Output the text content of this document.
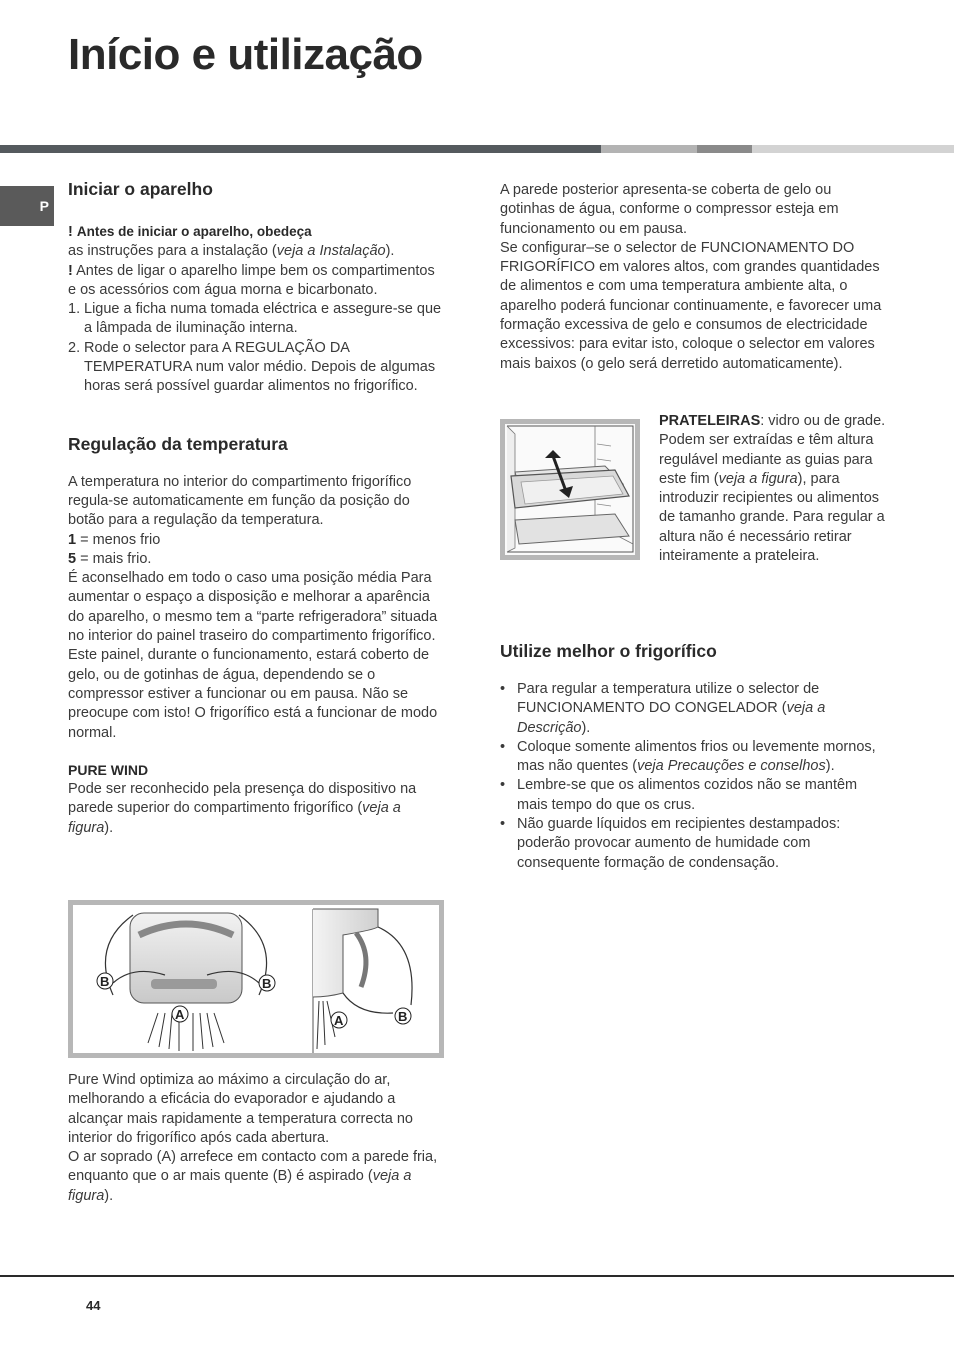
Início e utilização
P
Iniciar o aparelho

! Antes de iniciar o aparelho, obedeça

as instruções para a instalação (veja a Instalação).

! Antes de ligar o aparelho limpe bem os compartimentos

e os acessórios com água morna e bicarbonato.

1. Ligue a ficha numa tomada eléctrica e assegure-se que a lâmpada de iluminação interna.
2. Rode o selector para A REGULAÇÃO DA TEMPERATURA num valor médio. Depois de algumas horas será possível guardar alimentos no frigorífico.
Regulação da temperatura

A temperatura no interior do compartimento frigorífico regula-se automaticamente em função da posição do botão para a regulação da temperatura.

1 = menos frio

5 = mais frio.

É aconselhado em todo o caso uma posição média Para aumentar o espaço a disposição e melhorar a aparência do aparelho, o mesmo tem a “parte refrigeradora” situada no interior do painel traseiro do compartimento frigorífico. Este painel, durante o funcionamento, estará coberto de gelo, ou de gotinhas de água, dependendo se o compressor estiver a funcionar ou em pausa. Não se preocupe com isto! O frigorífico está a funcionar de modo normal.

PURE WIND

Pode ser reconhecido pela presença do dispositivo na parede superior do compartimento frigorífico (veja a figura).

B	B
A	A	B

Pure Wind optimiza ao máximo a circulação do ar, melhorando a eficácia do evaporador e ajudando a alcançar mais rapidamente a temperatura correcta no interior do frigorífico após cada abertura.

O ar soprado (A) arrefece em contacto com a parede fria, enquanto que o ar mais quente (B) é aspirado (veja a figura).

A parede posterior apresenta-se coberta de gelo ou gotinhas de água, conforme o compressor esteja em funcionamento ou em pausa.

Se configurar–se o selector de FUNCIONAMENTO DO FRIGORÍFICO em valores altos, com grandes quantidades de alimentos e com uma temperatura ambiente alta, o aparelho poderá funcionar continuamente, e favorecer uma formação excessiva de gelo e consumos de electricidade excessivos: para evitar isto, coloque o selector em valores mais baixos (o gelo será derretido automaticamente).

PRATELEIRAS: vidro ou de grade.

Podem ser extraídas e têm altura regulável mediante as guias para este fim (veja a figura), para introduzir recipientes ou alimentos de tamanho grande. Para regular a altura não é necessário retirar inteiramente a prateleira.

Utilize melhor o frigorífico
• Para regular a temperatura utilize o selector de FUNCIONAMENTO DO CONGELADOR (veja a Descrição).
• Coloque somente alimentos frios ou levemente mornos, mas não quentes (veja Precauções e conselhos).
• Lembre-se que os alimentos cozidos não se mantêm mais tempo do que os crus.
• Não guarde líquidos em recipientes destampados: poderão provocar aumento de humidade com consequente formação de condensação.
44
